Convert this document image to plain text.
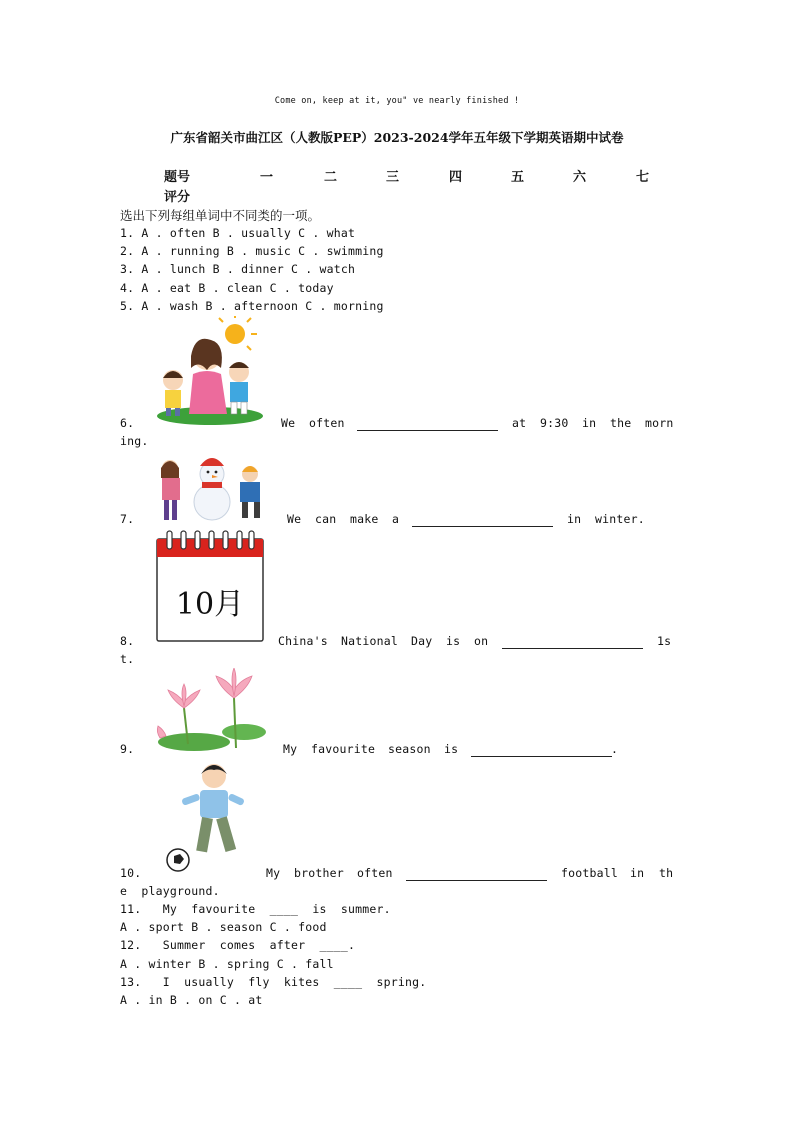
Come on, keep at it, you" ve nearly finished !
广东省韶关市曲江区（人教版PEP）2023-2024学年五年级下学期英语期中试卷
题号	一	二	三	四	五	六	七
评分
选出下列每组单词中不同类的一项。
1. A . often B . usually C . what
2. A . running B . music C . swimming
3. A . lunch B . dinner C . watch
4. A . eat B . clean C . today
5. A . wash B . afternoon C . morning
6.	We often	at 9:30 in the morn
ing.
7.	We can make a	in winter.
10月
8.	China's National Day is on	1s
t.
9.	My favourite season is	.
10.	My brother often	football in th
e  playground.
11.   My  favourite  ____  is  summer.
A . sport B . season C . food
12.   Summer  comes  after  ____.
A . winter B . spring C . fall
13.   I  usually  fly  kites  ____  spring.
A . in B . on C . at
